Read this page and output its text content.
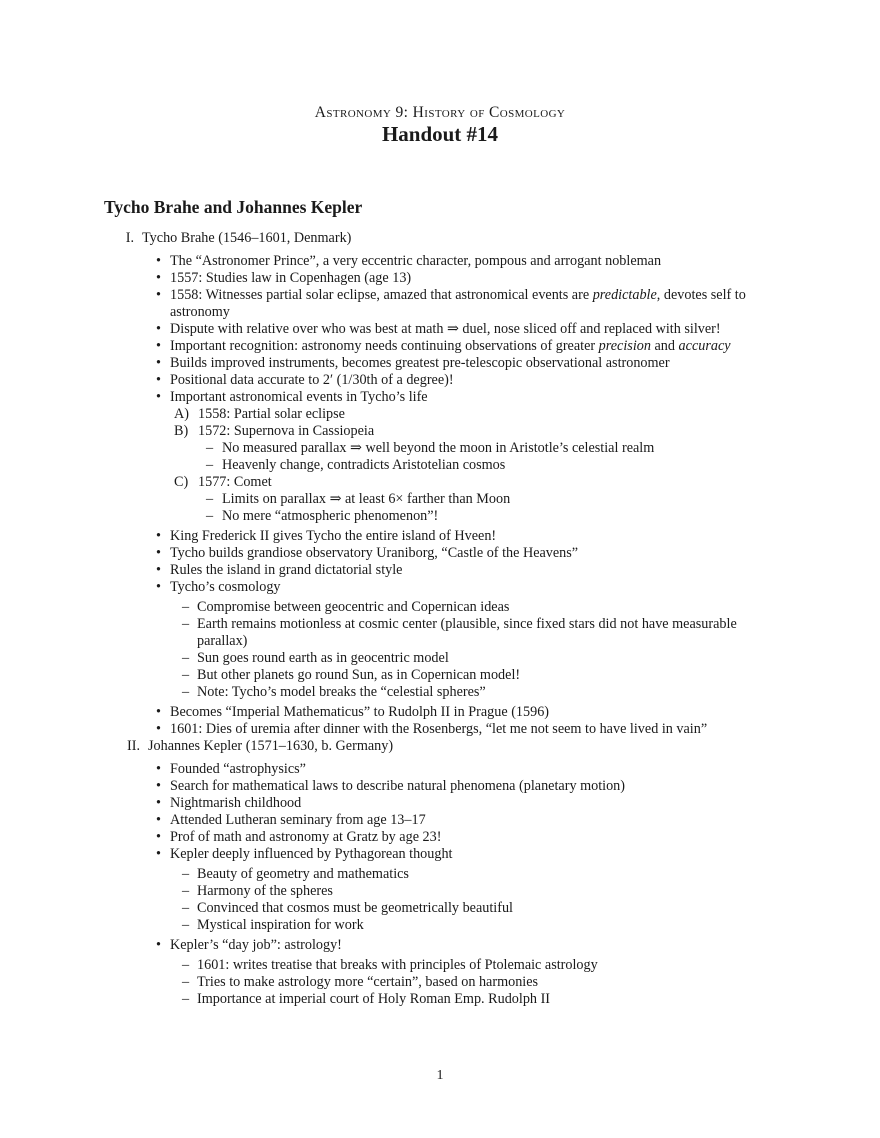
Astronomy 9: History of Cosmology
Handout #14
Tycho Brahe and Johannes Kepler
I. Tycho Brahe (1546–1601, Denmark)
• The “Astronomer Prince”, a very eccentric character, pompous and arrogant nobleman
• 1557: Studies law in Copenhagen (age 13)
• 1558: Witnesses partial solar eclipse, amazed that astronomical events are predictable, devotes self to astronomy
• Dispute with relative over who was best at math ⇒ duel, nose sliced off and replaced with silver!
• Important recognition: astronomy needs continuing observations of greater precision and accuracy
• Builds improved instruments, becomes greatest pre-telescopic observational astronomer
• Positional data accurate to 2′ (1/30th of a degree)!
• Important astronomical events in Tycho’s life
A) 1558: Partial solar eclipse
B) 1572: Supernova in Cassiopeia
– No measured parallax ⇒ well beyond the moon in Aristotle’s celestial realm
– Heavenly change, contradicts Aristotelian cosmos
C) 1577: Comet
– Limits on parallax ⇒ at least 6× farther than Moon
– No mere “atmospheric phenomenon”!
• King Frederick II gives Tycho the entire island of Hveen!
• Tycho builds grandiose observatory Uraniborg, “Castle of the Heavens”
• Rules the island in grand dictatorial style
• Tycho’s cosmology
– Compromise between geocentric and Copernican ideas
– Earth remains motionless at cosmic center (plausible, since fixed stars did not have measurable parallax)
– Sun goes round earth as in geocentric model
– But other planets go round Sun, as in Copernican model!
– Note: Tycho’s model breaks the “celestial spheres”
• Becomes “Imperial Mathematicus” to Rudolph II in Prague (1596)
• 1601: Dies of uremia after dinner with the Rosenbergs, “let me not seem to have lived in vain”
II. Johannes Kepler (1571–1630, b. Germany)
• Founded “astrophysics”
• Search for mathematical laws to describe natural phenomena (planetary motion)
• Nightmarish childhood
• Attended Lutheran seminary from age 13–17
• Prof of math and astronomy at Gratz by age 23!
• Kepler deeply influenced by Pythagorean thought
– Beauty of geometry and mathematics
– Harmony of the spheres
– Convinced that cosmos must be geometrically beautiful
– Mystical inspiration for work
• Kepler’s “day job”: astrology!
– 1601: writes treatise that breaks with principles of Ptolemaic astrology
– Tries to make astrology more “certain”, based on harmonies
– Importance at imperial court of Holy Roman Emp. Rudolph II
1
